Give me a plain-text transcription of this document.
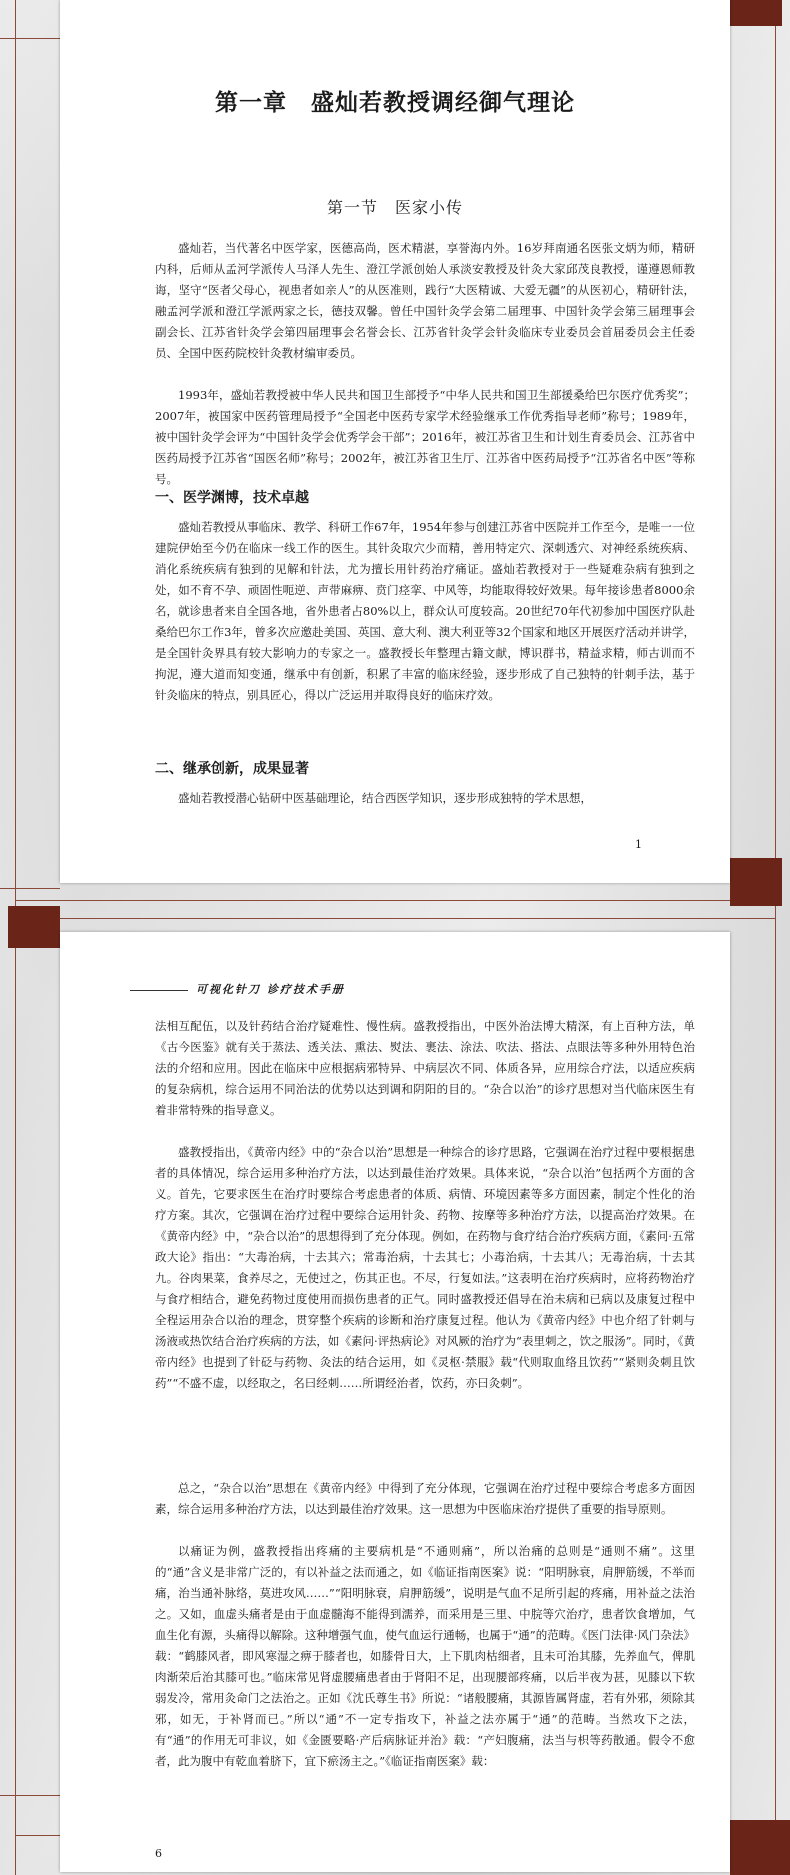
第一章　盛灿若教授调经御气理论
第一节　医家小传
盛灿若，当代著名中医学家，医德高尚，医术精湛，享誉海内外。16岁拜南通名医张文炳为师，精研内科，后师从孟河学派传人马泽人先生、澄江学派创始人承淡安教授及针灸大家邱茂良教授，谨遵恩师教诲，坚守“医者父母心，视患者如亲人”的从医准则，践行“大医精诚、大爱无疆”的从医初心，精研针法，融孟河学派和澄江学派两家之长，德技双馨。曾任中国针灸学会第二届理事、中国针灸学会第三届理事会副会长、江苏省针灸学会第四届理事会名誉会长、江苏省针灸学会针灸临床专业委员会首届委员会主任委员、全国中医药院校针灸教材编审委员。
1993年，盛灿若教授被中华人民共和国卫生部授予“中华人民共和国卫生部援桑给巴尔医疗优秀奖”；2007年，被国家中医药管理局授予“全国老中医药专家学术经验继承工作优秀指导老师”称号；1989年，被中国针灸学会评为“中国针灸学会优秀学会干部”；2016年，被江苏省卫生和计划生育委员会、江苏省中医药局授予江苏省“国医名师”称号；2002年，被江苏省卫生厅、江苏省中医药局授予“江苏省名中医”等称号。
一、医学渊博，技术卓越
盛灿若教授从事临床、教学、科研工作67年，1954年参与创建江苏省中医院并工作至今，是唯一一位建院伊始至今仍在临床一线工作的医生。其针灸取穴少而精，善用特定穴、深刺透穴、对神经系统疾病、消化系统疾病有独到的见解和针法，尤为擅长用针药治疗痛证。盛灿若教授对于一些疑难杂病有独到之处，如不育不孕、顽固性呃逆、声带麻痹、贲门痉挛、中风等，均能取得较好效果。每年接诊患者8000余名，就诊患者来自全国各地，省外患者占80%以上，群众认可度较高。20世纪70年代初参加中国医疗队赴桑给巴尔工作3年，曾多次应邀赴美国、英国、意大利、澳大利亚等32个国家和地区开展医疗活动并讲学，是全国针灸界具有较大影响力的专家之一。盛教授长年整理古籍文献，博识群书，精益求精，师古训而不拘泥，遵大道而知变通，继承中有创新，积累了丰富的临床经验，逐步形成了自己独特的针刺手法，基于针灸临床的特点，别具匠心，得以广泛运用并取得良好的临床疗效。
二、继承创新，成果显著
盛灿若教授潜心钻研中医基础理论，结合西医学知识，逐步形成独特的学术思想，
1
可视化针刀 诊疗技术手册
法相互配伍，以及针药结合治疗疑难性、慢性病。盛教授指出，中医外治法博大精深，有上百种方法，单《古今医鉴》就有关于蒸法、透关法、熏法、熨法、裹法、涂法、吹法、搭法、点眼法等多种外用特色治法的介绍和应用。因此在临床中应根据病邪特异、中病层次不同、体质各异，应用综合疗法，以适应疾病的复杂病机，综合运用不同治法的优势以达到调和阴阳的目的。“杂合以治”的诊疗思想对当代临床医生有着非常特殊的指导意义。
盛教授指出，《黄帝内经》中的“杂合以治”思想是一种综合的诊疗思路，它强调在治疗过程中要根据患者的具体情况，综合运用多种治疗方法，以达到最佳治疗效果。具体来说，“杂合以治”包括两个方面的含义。首先，它要求医生在治疗时要综合考虑患者的体质、病情、环境因素等多方面因素，制定个性化的治疗方案。其次，它强调在治疗过程中要综合运用针灸、药物、按摩等多种治疗方法，以提高治疗效果。在《黄帝内经》中，“杂合以治”的思想得到了充分体现。例如，在药物与食疗结合治疗疾病方面，《素问·五常政大论》指出：“大毒治病，十去其六；常毒治病，十去其七；小毒治病，十去其八；无毒治病，十去其九。谷肉果菜，食养尽之，无使过之，伤其正也。不尽，行复如法。”这表明在治疗疾病时，应将药物治疗与食疗相结合，避免药物过度使用而损伤患者的正气。同时盛教授还倡导在治未病和已病以及康复过程中全程运用杂合以治的理念，贯穿整个疾病的诊断和治疗康复过程。他认为《黄帝内经》中也介绍了针刺与汤液或热饮结合治疗疾病的方法，如《素问·评热病论》对风厥的治疗为“表里刺之，饮之服汤”。同时，《黄帝内经》也提到了针砭与药物、灸法的结合运用，如《灵枢·禁服》载“代则取血络且饮药”“紧则灸刺且饮药”“不盛不虚，以经取之，名曰经刺……所谓经治者，饮药，亦曰灸刺”。
总之，“杂合以治”思想在《黄帝内经》中得到了充分体现，它强调在治疗过程中要综合考虑多方面因素，综合运用多种治疗方法，以达到最佳治疗效果。这一思想为中医临床治疗提供了重要的指导原则。
以痛证为例，盛教授指出疼痛的主要病机是“不通则痛”，所以治痛的总则是“通则不痛”。这里的“通”含义是非常广泛的，有以补益之法而通之，如《临证指南医案》说：“阳明脉衰，肩胛筋缓，不举而痛，治当通补脉络，莫进攻风……”“阳明脉衰，肩胛筋缓”，说明是气血不足所引起的疼痛，用补益之法治之。又如，血虚头痛者是由于血虚髓海不能得到濡养，而采用是三里、中脘等穴治疗，患者饮食增加，气血生化有源，头痛得以解除。这种增强气血，使气血运行通畅，也属于“通”的范畴。《医门法律·风门杂法》载：“鹤膝风者，即风寒湿之痹于膝者也，如膝骨日大，上下肌肉枯细者，且未可治其膝，先养血气，俾肌肉渐荣后治其膝可也。”临床常见肾虚腰痛患者由于肾阳不足，出现腰部疼痛，以后半夜为甚，见膝以下软弱发冷，常用灸命门之法治之。正如《沈氏尊生书》所说：“诸般腰痛，其源皆属肾虚，若有外邪，须除其邪，如无，于补肾而已。”所以“通”不一定专指攻下，补益之法亦属于“通”的范畴。当然攻下之法，有“通”的作用无可非议，如《金匮要略·产后病脉证并治》载：“产妇腹痛，法当与枳等药散通。假令不愈者，此为腹中有乾血着脐下，宜下瘀汤主之。”《临证指南医案》载：
6
